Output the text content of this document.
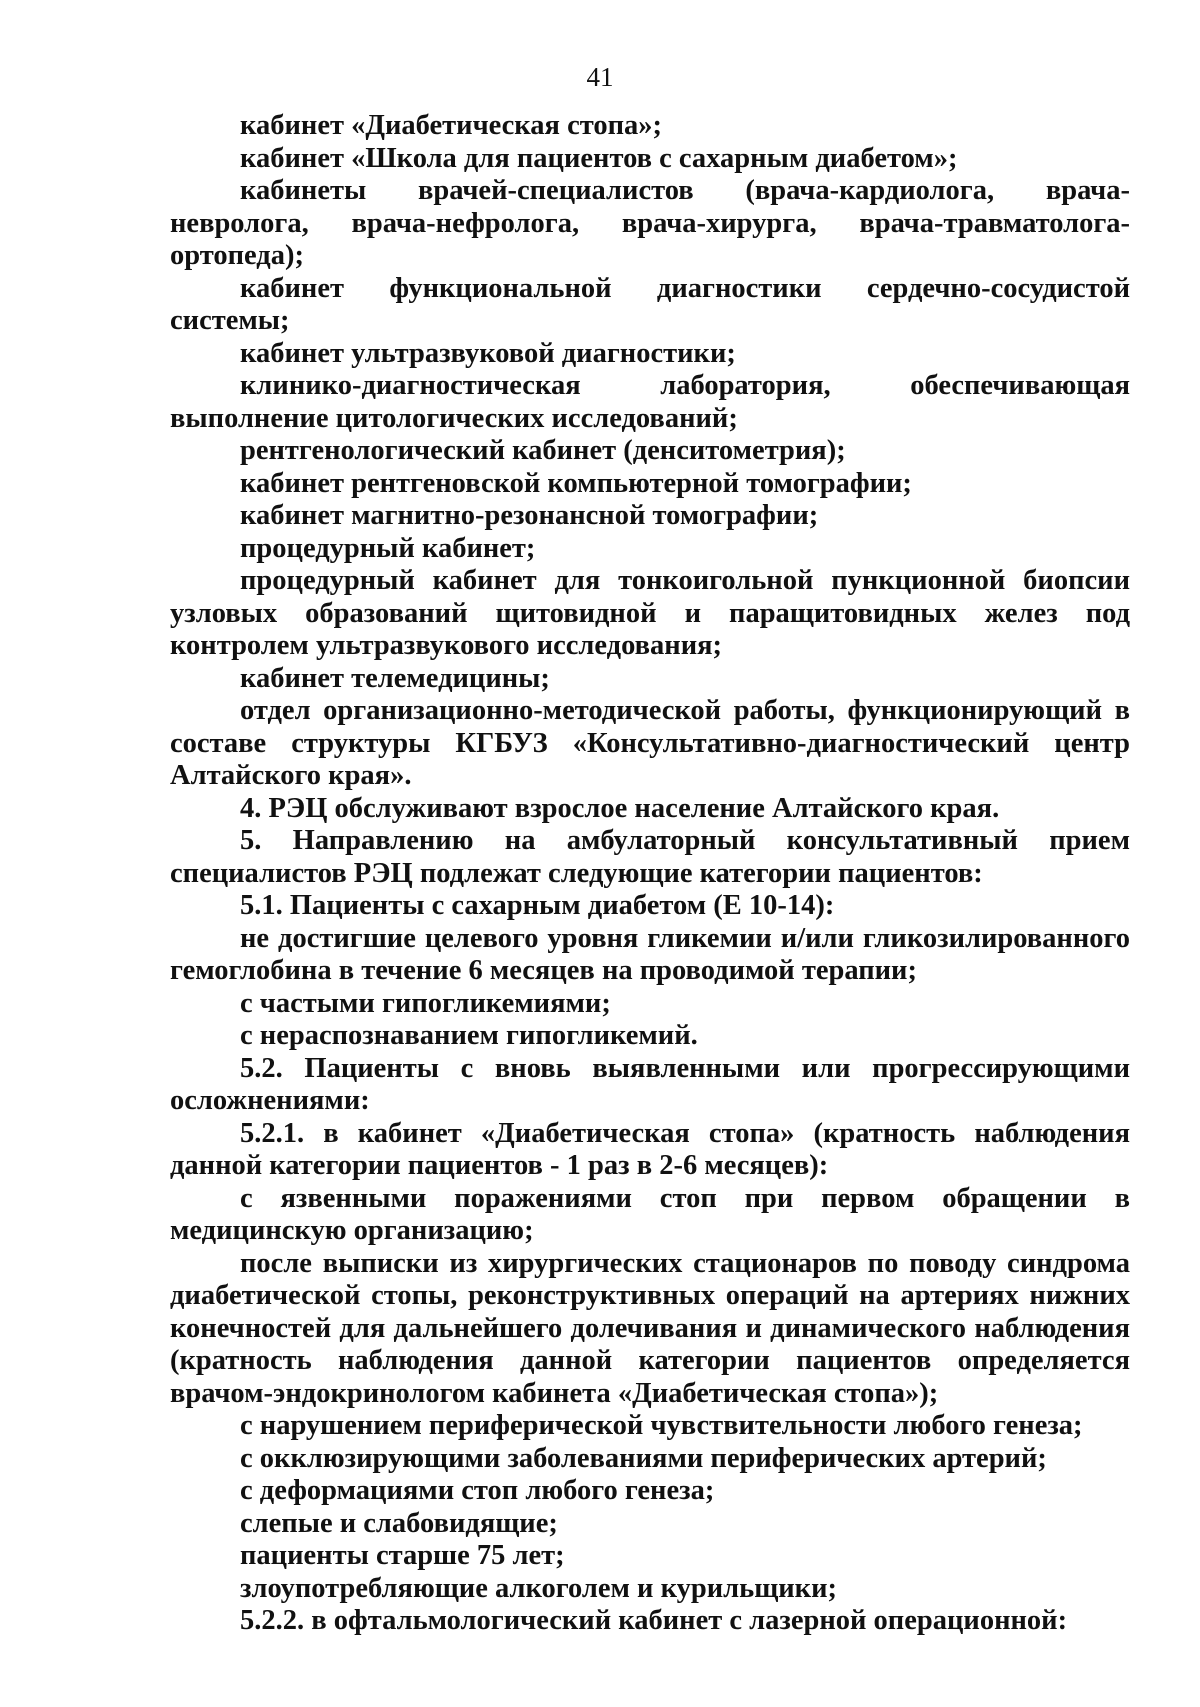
41

кабинет «Диабетическая стопа»;

кабинет «Школа для пациентов с сахарным диабетом»;

кабинеты врачей-специалистов (врача-кардиолога, врача-невролога, врача-нефролога, врача-хирурга, врача-травматолога- ортопеда);

кабинет функциональной диагностики сердечно-сосудистой системы;

кабинет ультразвуковой диагностики;

клинико-диагностическая лаборатория, обеспечивающая выполнение цитологических исследований;

рентгенологический кабинет (денситометрия);

кабинет рентгеновской компьютерной томографии;

кабинет магнитно-резонансной томографии;

процедурный кабинет;

процедурный кабинет для тонкоигольной пункционной биопсии узловых образований щитовидной и паращитовидных желез под контролем ультразвукового исследования;

кабинет телемедицины;

отдел организационно-методической работы, функционирующий в составе структуры КГБУЗ «Консультативно-диагностический центр Алтайского края».

4. РЭЦ обслуживают взрослое население Алтайского края.

5. Направлению на амбулаторный консультативный прием специалистов РЭЦ подлежат следующие категории пациентов:

5.1. Пациенты с сахарным диабетом (Е 10-14):

не достигшие целевого уровня гликемии и/или гликозилированного гемоглобина в течение 6 месяцев на проводимой терапии;

с частыми гипогликемиями;

с нераспознаванием гипогликемий.

5.2. Пациенты с вновь выявленными или прогрессирующими осложнениями:

5.2.1. в кабинет «Диабетическая стопа» (кратность наблюдения данной категории пациентов - 1 раз в 2-6 месяцев):

с язвенными поражениями стоп при первом обращении в медицинскую организацию;

после выписки из хирургических стационаров по поводу синдрома диабетической стопы, реконструктивных операций на артериях нижних конечностей для дальнейшего долечивания и динамического наблюдения (кратность наблюдения данной категории пациентов определяется врачом-эндокринологом кабинета «Диабетическая стопа»);

с нарушением периферической чувствительности любого генеза;

с окклюзирующими заболеваниями периферических артерий;

с деформациями стоп любого генеза;

слепые и слабовидящие;

пациенты старше 75 лет;

злоупотребляющие алкоголем и курильщики;

5.2.2. в офтальмологический кабинет с лазерной операционной:
